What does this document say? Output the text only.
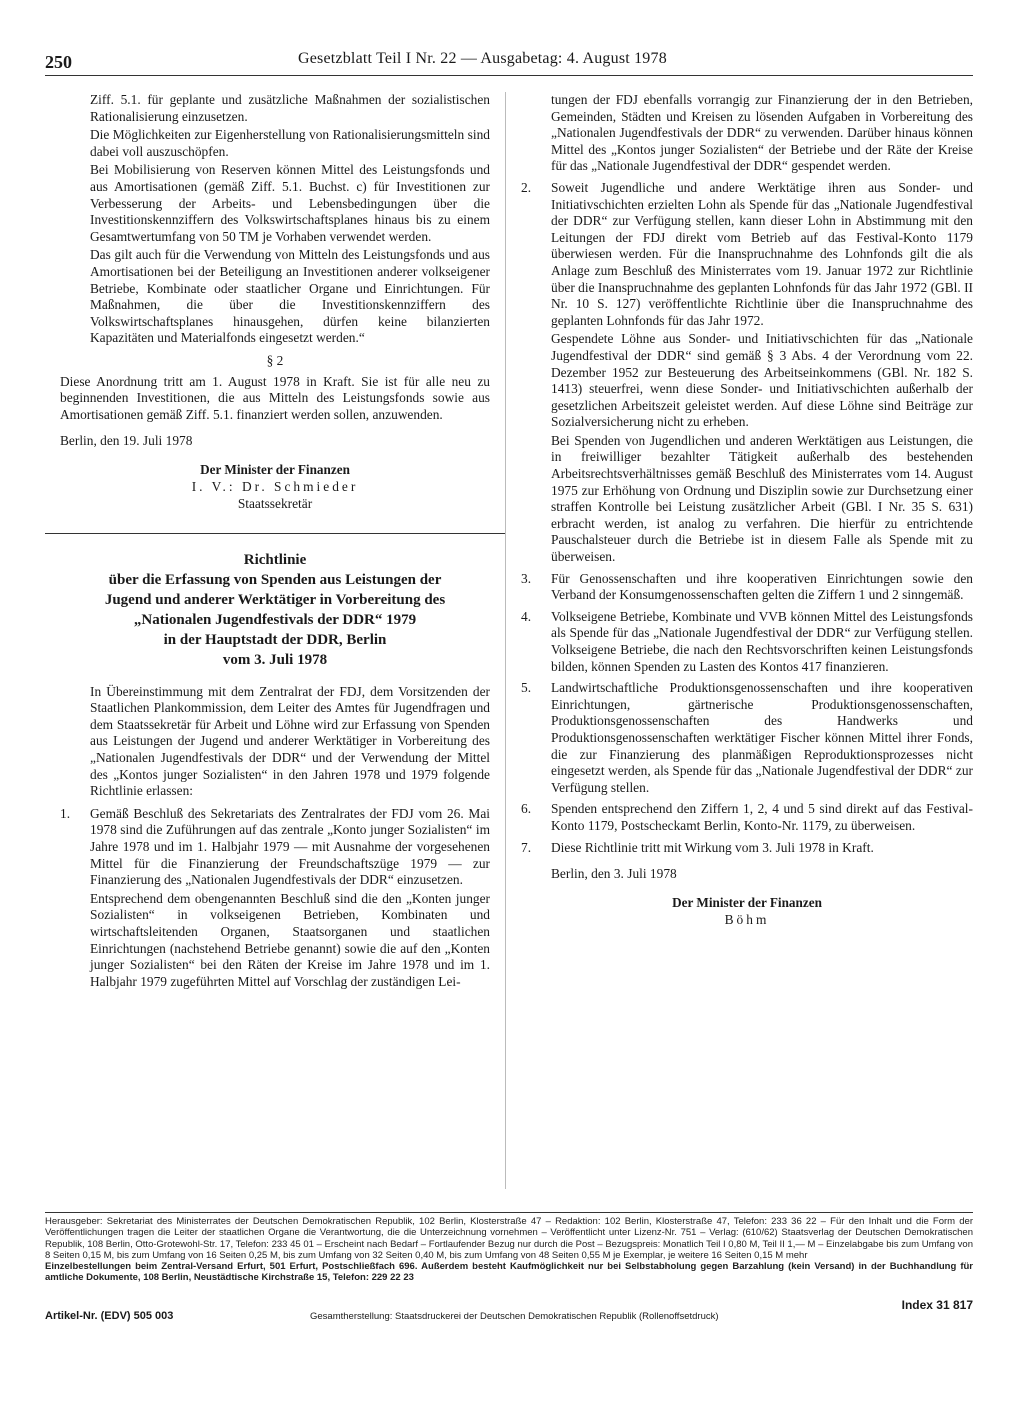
250	Gesetzblatt Teil I Nr. 22 — Ausgabetag: 4. August 1978

Ziff. 5.1. für geplante und zusätzliche Maßnahmen der sozialistischen Rationalisierung einzusetzen.

Die Möglichkeiten zur Eigenherstellung von Rationalisierungsmitteln sind dabei voll auszuschöpfen.

Bei Mobilisierung von Reserven können Mittel des Leistungsfonds und aus Amortisationen (gemäß Ziff. 5.1. Buchst. c) für Investitionen zur Verbesserung der Arbeits- und Lebensbedingungen über die Investitionskennziffern des Volkswirtschaftsplanes hinaus bis zu einem Gesamtwertumfang von 50 TM je Vorhaben verwendet werden.

Das gilt auch für die Verwendung von Mitteln des Leistungsfonds und aus Amortisationen bei der Beteiligung an Investitionen anderer volkseigener Betriebe, Kombinate oder staatlicher Organe und Einrichtungen. Für Maßnahmen, die über die Investitionskennziffern des Volkswirtschaftsplanes hinausgehen, dürfen keine bilanzierten Kapazitäten und Materialfonds eingesetzt werden.“

§ 2

Diese Anordnung tritt am 1. August 1978 in Kraft. Sie ist für alle neu zu beginnenden Investitionen, die aus Mitteln des Leistungsfonds sowie aus Amortisationen gemäß Ziff. 5.1. finanziert werden sollen, anzuwenden.

Berlin, den 19. Juli 1978

Der Minister der Finanzen
I. V.: Dr. Schmieder
Staatssekretär
Richtlinie
über die Erfassung von Spenden aus Leistungen der
Jugend und anderer Werktätiger in Vorbereitung des
„Nationalen Jugendfestivals der DDR“ 1979
in der Hauptstadt der DDR, Berlin
vom 3. Juli 1978

In Übereinstimmung mit dem Zentralrat der FDJ, dem Vorsitzenden der Staatlichen Plankommission, dem Leiter des Amtes für Jugendfragen und dem Staatssekretär für Arbeit und Löhne wird zur Erfassung von Spenden aus Leistungen der Jugend und anderer Werktätiger in Vorbereitung des „Nationalen Jugendfestivals der DDR“ und der Verwendung der Mittel des „Kontos junger Sozialisten“ in den Jahren 1978 und 1979 folgende Richtlinie erlassen:

1. Gemäß Beschluß des Sekretariats des Zentralrates der FDJ vom 26. Mai 1978 sind die Zuführungen auf das zentrale „Konto junger Sozialisten“ im Jahre 1978 und im 1. Halbjahr 1979 — mit Ausnahme der vorgesehenen Mittel für die Finanzierung der Freundschaftszüge 1979 — zur Finanzierung des „Nationalen Jugendfestivals der DDR“ einzusetzen.

Entsprechend dem obengenannten Beschluß sind die den „Konten junger Sozialisten“ in volkseigenen Betrieben, Kombinaten und wirtschaftsleitenden Organen, Staatsorganen und staatlichen Einrichtungen (nachstehend Betriebe genannt) sowie die auf den „Konten junger Sozialisten“ bei den Räten der Kreise im Jahre 1978 und im 1. Halbjahr 1979 zugeführten Mittel auf Vorschlag der zuständigen Lei-

tungen der FDJ ebenfalls vorrangig zur Finanzierung der in den Betrieben, Gemeinden, Städten und Kreisen zu lösenden Aufgaben in Vorbereitung des „Nationalen Jugendfestivals der DDR“ zu verwenden. Darüber hinaus können Mittel des „Kontos junger Sozialisten“ der Betriebe und der Räte der Kreise für das „Nationale Jugendfestival der DDR“ gespendet werden.

2. Soweit Jugendliche und andere Werktätige ihren aus Sonder- und Initiativschichten erzielten Lohn als Spende für das „Nationale Jugendfestival der DDR“ zur Verfügung stellen, kann dieser Lohn in Abstimmung mit den Leitungen der FDJ direkt vom Betrieb auf das Festival-Konto 1179 überwiesen werden. Für die Inanspruchnahme des Lohnfonds gilt die als Anlage zum Beschluß des Ministerrates vom 19. Januar 1972 zur Richtlinie über die Inanspruchnahme des geplanten Lohnfonds für das Jahr 1972 (GBl. II Nr. 10 S. 127) veröffentlichte Richtlinie über die Inanspruchnahme des geplanten Lohnfonds für das Jahr 1972.

Gespendete Löhne aus Sonder- und Initiativschichten für das „Nationale Jugendfestival der DDR“ sind gemäß § 3 Abs. 4 der Verordnung vom 22. Dezember 1952 zur Besteuerung des Arbeitseinkommens (GBl. Nr. 182 S. 1413) steuerfrei, wenn diese Sonder- und Initiativschichten außerhalb der gesetzlichen Arbeitszeit geleistet werden. Auf diese Löhne sind Beiträge zur Sozialversicherung nicht zu erheben.

Bei Spenden von Jugendlichen und anderen Werktätigen aus Leistungen, die in freiwilliger bezahlter Tätigkeit außerhalb des bestehenden Arbeitsrechtsverhältnisses gemäß Beschluß des Ministerrates vom 14. August 1975 zur Erhöhung von Ordnung und Disziplin sowie zur Durchsetzung einer straffen Kontrolle bei Leistung zusätzlicher Arbeit (GBl. I Nr. 35 S. 631) erbracht werden, ist analog zu verfahren. Die hierfür zu entrichtende Pauschalsteuer durch die Betriebe ist in diesem Falle als Spende mit zu überweisen.

3. Für Genossenschaften und ihre kooperativen Einrichtungen sowie den Verband der Konsumgenossenschaften gelten die Ziffern 1 und 2 sinngemäß.

4. Volkseigene Betriebe, Kombinate und VVB können Mittel des Leistungsfonds als Spende für das „Nationale Jugendfestival der DDR“ zur Verfügung stellen. Volkseigene Betriebe, die nach den Rechtsvorschriften keinen Leistungsfonds bilden, können Spenden zu Lasten des Kontos 417 finanzieren.

5. Landwirtschaftliche Produktionsgenossenschaften und ihre kooperativen Einrichtungen, gärtnerische Produktionsgenossenschaften, Produktionsgenossenschaften des Handwerks und Produktionsgenossenschaften werktätiger Fischer können Mittel ihrer Fonds, die zur Finanzierung des planmäßigen Reproduktionsprozesses nicht eingesetzt werden, als Spende für das „Nationale Jugendfestival der DDR“ zur Verfügung stellen.

6. Spenden entsprechend den Ziffern 1, 2, 4 und 5 sind direkt auf das Festival-Konto 1179, Postscheckamt Berlin, Konto-Nr. 1179, zu überweisen.

7. Diese Richtlinie tritt mit Wirkung vom 3. Juli 1978 in Kraft.

Berlin, den 3. Juli 1978

Der Minister der Finanzen
Böhm

Herausgeber: Sekretariat des Ministerrates der Deutschen Demokratischen Republik, 102 Berlin, Klosterstraße 47 – Redaktion: 102 Berlin, Klosterstraße 47, Telefon: 233 36 22 – Für den Inhalt und die Form der Veröffentlichungen tragen die Leiter der staatlichen Organe die Verantwortung, die die Unterzeichnung vornehmen – Veröffentlicht unter Lizenz-Nr. 751 – Verlag: (610/62) Staatsverlag der Deutschen Demokratischen Republik, 108 Berlin, Otto-Grotewohl-Str. 17, Telefon: 233 45 01 – Erscheint nach Bedarf – Fortlaufender Bezug nur durch die Post – Bezugspreis: Monatlich Teil I 0,80 M, Teil II 1,— M – Einzelabgabe bis zum Umfang von 8 Seiten 0,15 M, bis zum Umfang von 16 Seiten 0,25 M, bis zum Umfang von 32 Seiten 0,40 M, bis zum Umfang von 48 Seiten 0,55 M je Exemplar, je weitere 16 Seiten 0,15 M mehr

Einzelbestellungen beim Zentral-Versand Erfurt, 501 Erfurt, Postschließfach 696. Außerdem besteht Kaufmöglichkeit nur bei Selbstabholung gegen Barzahlung (kein Versand) in der Buchhandlung für amtliche Dokumente, 108 Berlin, Neustädtische Kirchstraße 15, Telefon: 229 22 23

Artikel-Nr. (EDV) 505 003	Gesamtherstellung: Staatsdruckerei der Deutschen Demokratischen Republik (Rollenoffsetdruck)
Index 31 817
